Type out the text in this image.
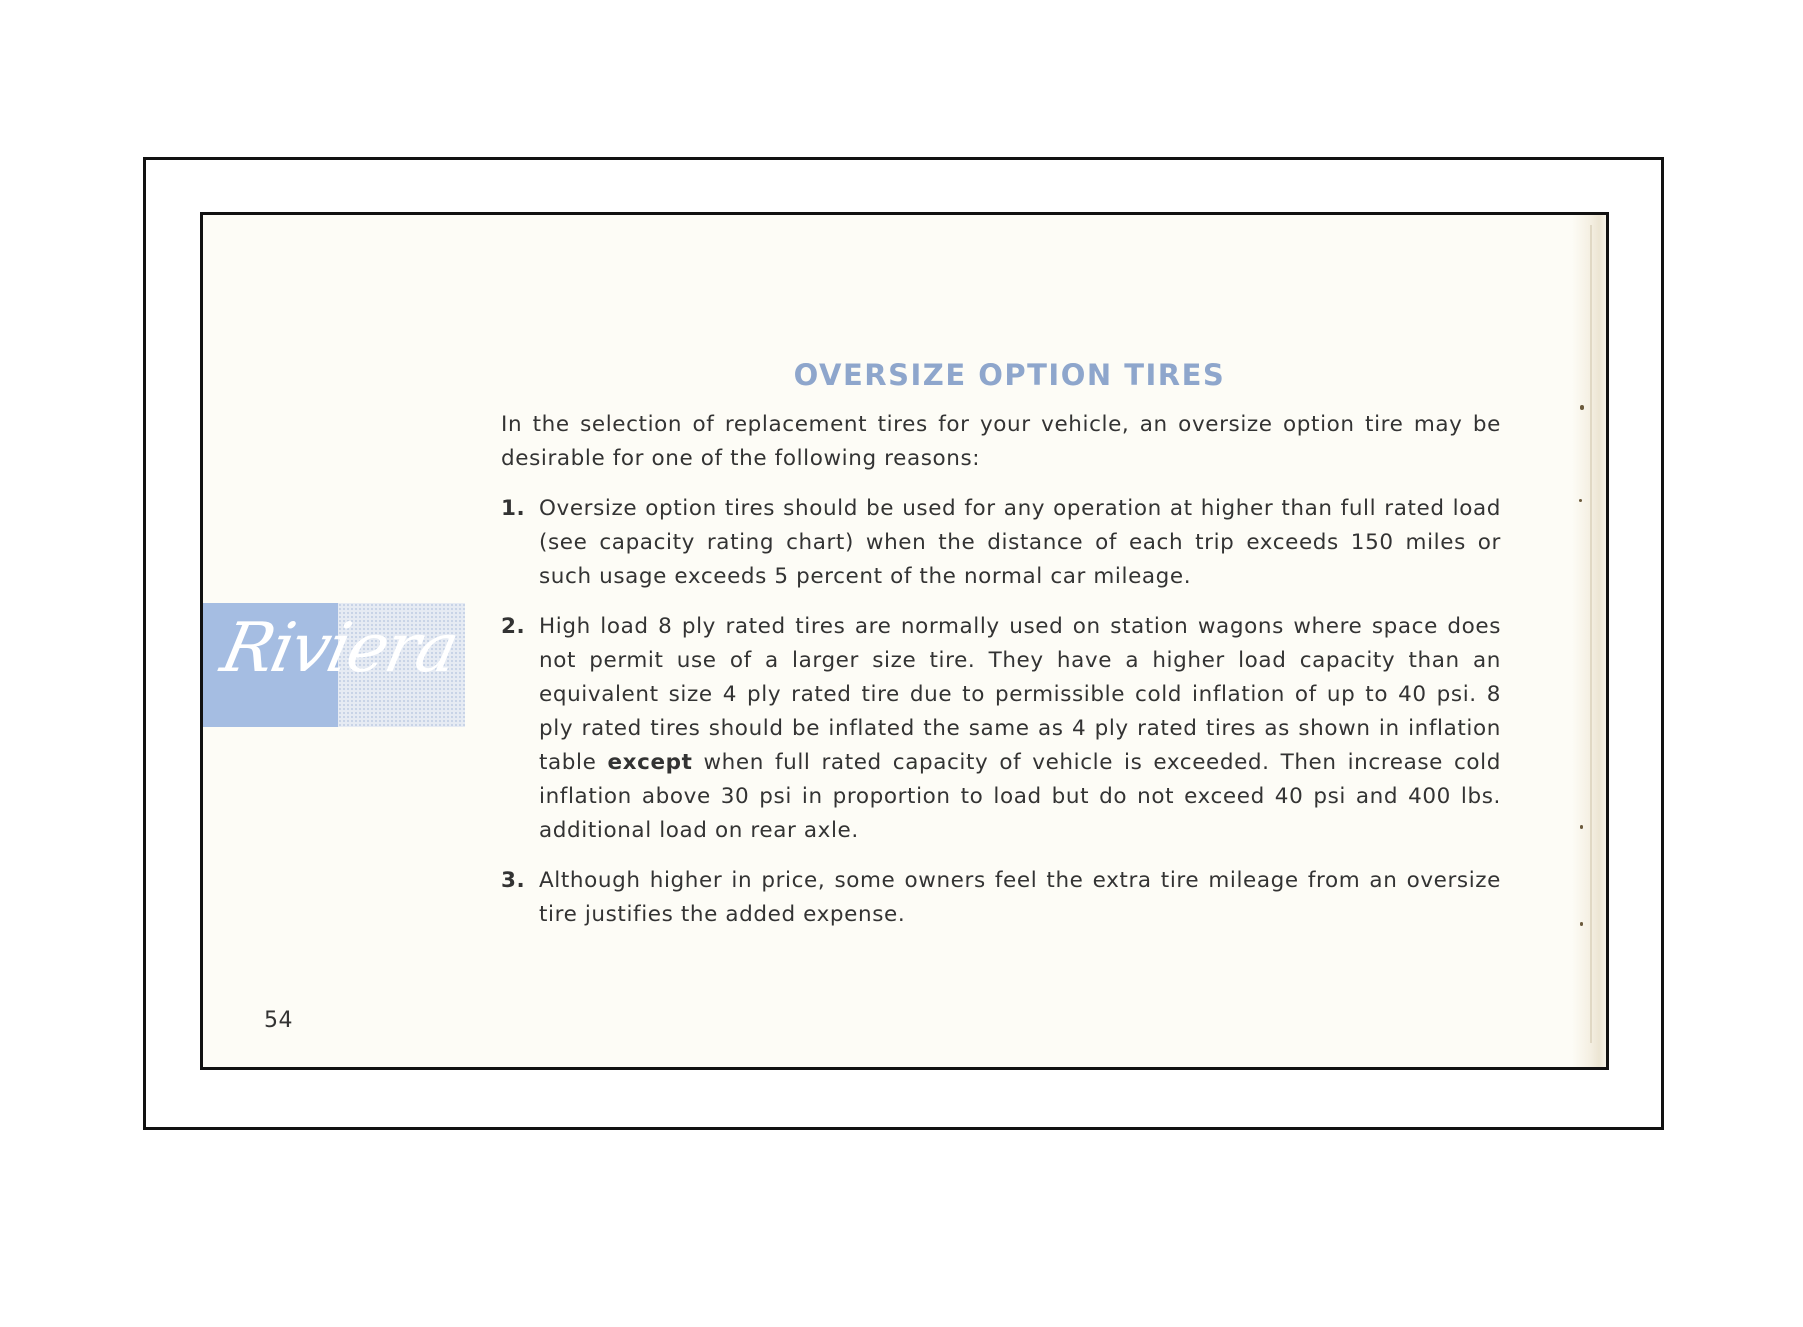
OVERSIZE OPTION TIRES

In the selection of replacement tires for your vehicle, an oversize option tire may be desirable for one of the following reasons:

1. Oversize option tires should be used for any operation at higher than full rated load (see capacity rating chart) when the distance of each trip exceeds 150 miles or such usage exceeds 5 percent of the normal car mileage.
2. High load 8 ply rated tires are normally used on station wagons where space does not permit use of a larger size tire. They have a higher load capacity than an equivalent size 4 ply rated tire due to permissible cold inflation of up to 40 psi. 8 ply rated tires should be inflated the same as 4 ply rated tires as shown in inflation table except when full rated capacity of vehicle is exceeded. Then increase cold inflation above 30 psi in proportion to load but do not exceed 40 psi and 400 lbs. additional load on rear axle.
3. Although higher in price, some owners feel the extra tire mileage from an oversize tire justifies the added expense.
Riviera
54
